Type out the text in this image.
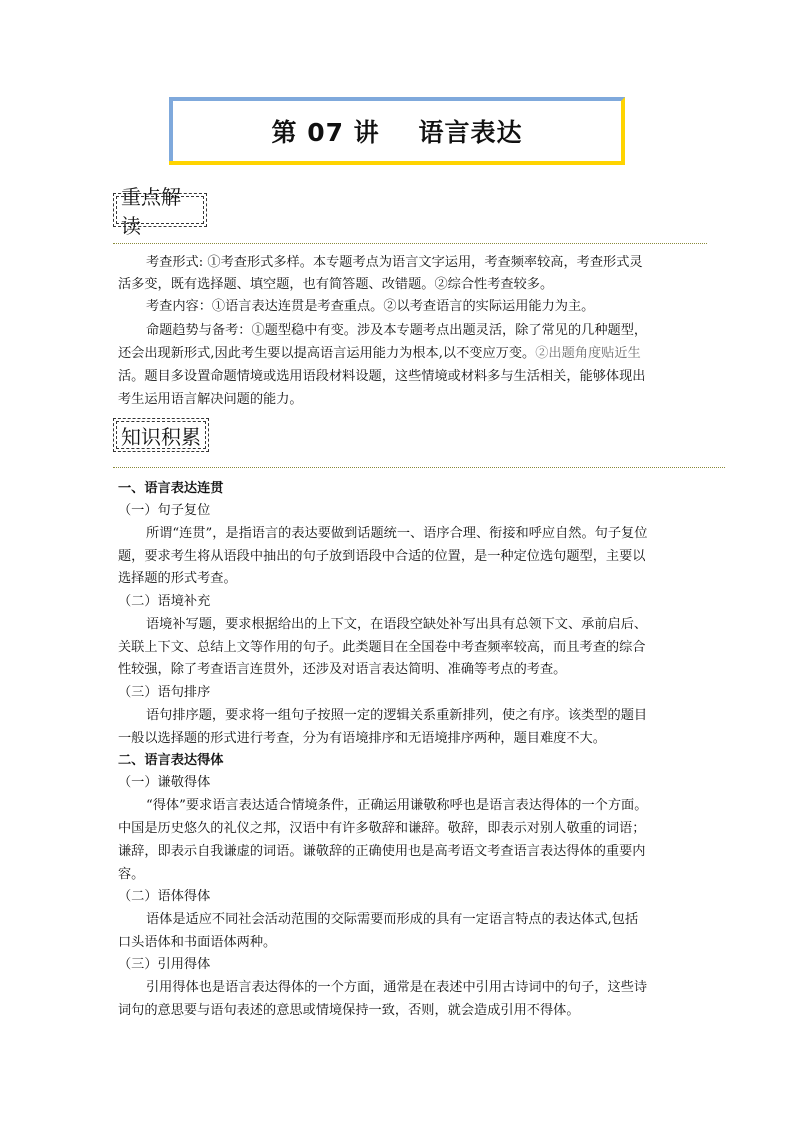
第 07 讲    语言表达
重点解读
考查形式: ①考查形式多样。本专题考点为语言文字运用，考查频率较高，考查形式灵
活多变，既有选择题、填空题，也有简答题、改错题。②综合性考查较多。
考查内容：①语言表达连贯是考查重点。②以考查语言的实际运用能力为主。
命题趋势与备考：①题型稳中有变。涉及本专题考点出题灵活，除了常见的几种题型，
还会出现新形式,因此考生要以提高语言运用能力为根本,以不变应万变。②出题角度贴近生
活。题目多设置命题情境或选用语段材料设题，这些情境或材料多与生活相关，能够体现出
考生运用语言解决问题的能力。
知识积累
一、语言表达连贯
（一）句子复位
所谓“连贯”，是指语言的表达要做到话题统一、语序合理、衔接和呼应自然。句子复位
题，要求考生将从语段中抽出的句子放到语段中合适的位置，是一种定位选句题型，主要以
选择题的形式考查。
（二）语境补充
语境补写题，要求根据给出的上下文，在语段空缺处补写出具有总领下文、承前启后、
关联上下文、总结上文等作用的句子。此类题目在全国卷中考查频率较高，而且考查的综合
性较强，除了考查语言连贯外，还涉及对语言表达简明、准确等考点的考查。
（三）语句排序
语句排序题，要求将一组句子按照一定的逻辑关系重新排列，使之有序。该类型的题目
一般以选择题的形式进行考查，分为有语境排序和无语境排序两种，题目难度不大。
二、语言表达得体
（一）谦敬得体
“得体”要求语言表达适合情境条件，正确运用谦敬称呼也是语言表达得体的一个方面。
中国是历史悠久的礼仪之邦，汉语中有许多敬辞和谦辞。敬辞，即表示对别人敬重的词语；
谦辞，即表示自我谦虚的词语。谦敬辞的正确使用也是高考语文考查语言表达得体的重要内
容。
（二）语体得体
语体是适应不同社会活动范围的交际需要而形成的具有一定语言特点的表达体式,包括
口头语体和书面语体两种。
（三）引用得体
引用得体也是语言表达得体的一个方面，通常是在表述中引用古诗词中的句子，这些诗
词句的意思要与语句表述的意思或情境保持一致，否则，就会造成引用不得体。
